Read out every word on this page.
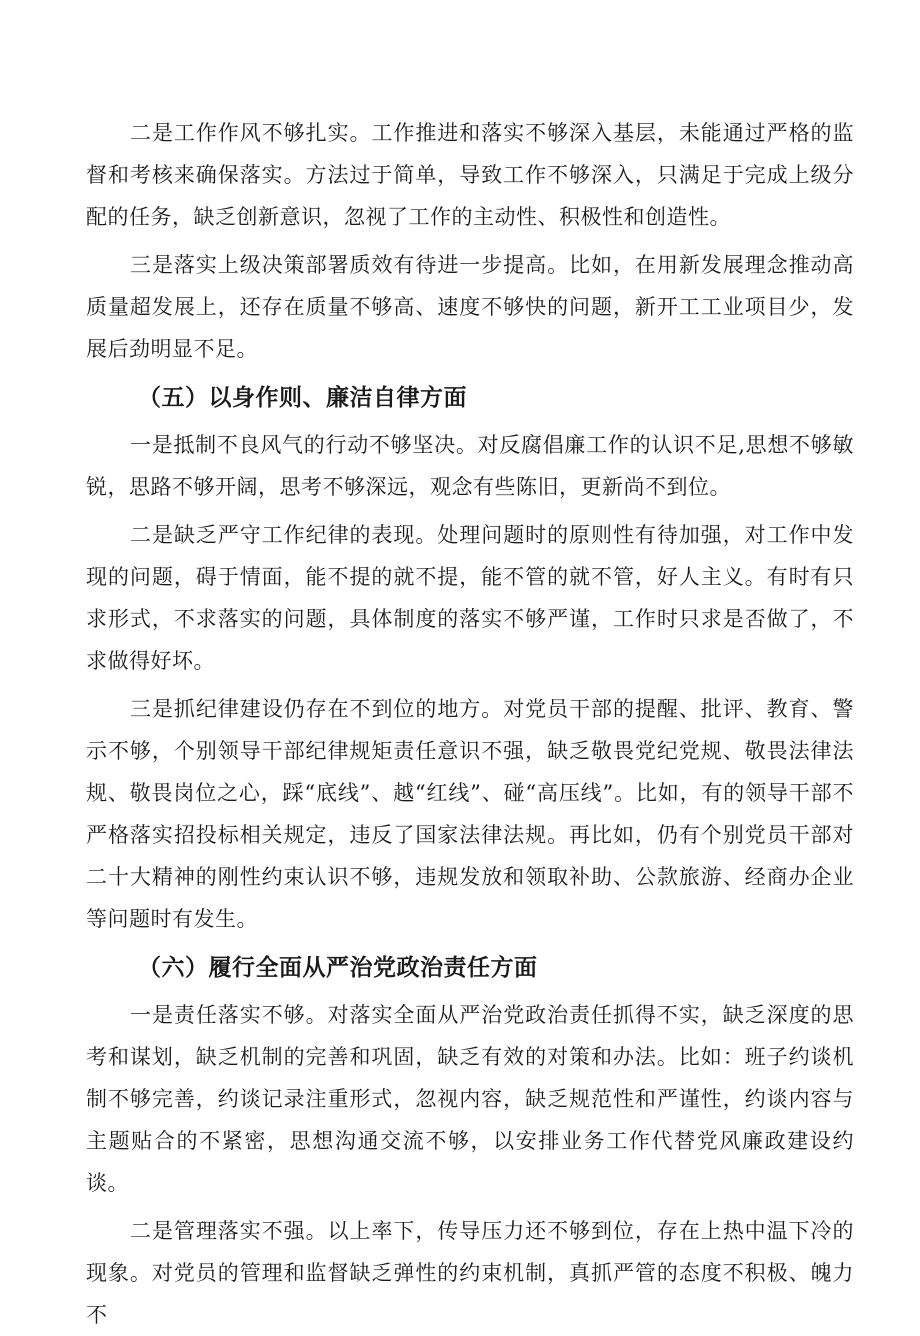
二是工作作风不够扎实。工作推进和落实不够深入基层，未能通过严格的监督和考核来确保落实。方法过于简单，导致工作不够深入，只满足于完成上级分配的任务，缺乏创新意识，忽视了工作的主动性、积极性和创造性。

三是落实上级决策部署质效有待进一步提高。比如，在用新发展理念推动高质量超发展上，还存在质量不够高、速度不够快的问题，新开工工业项目少，发展后劲明显不足。

（五）以身作则、廉洁自律方面

一是抵制不良风气的行动不够坚决。对反腐倡廉工作的认识不足,思想不够敏锐，思路不够开阔，思考不够深远，观念有些陈旧，更新尚不到位。

二是缺乏严守工作纪律的表现。处理问题时的原则性有待加强，对工作中发现的问题，碍于情面，能不提的就不提，能不管的就不管，好人主义。有时有只求形式，不求落实的问题，具体制度的落实不够严谨，工作时只求是否做了，不求做得好坏。

三是抓纪律建设仍存在不到位的地方。对党员干部的提醒、批评、教育、警示不够，个别领导干部纪律规矩责任意识不强，缺乏敬畏党纪党规、敬畏法律法规、敬畏岗位之心，踩“底线”、越“红线”、碰“高压线”。比如，有的领导干部不严格落实招投标相关规定，违反了国家法律法规。再比如，仍有个别党员干部对二十大精神的刚性约束认识不够，违规发放和领取补助、公款旅游、经商办企业等问题时有发生。

（六）履行全面从严治党政治责任方面

一是责任落实不够。对落实全面从严治党政治责任抓得不实，缺乏深度的思考和谋划，缺乏机制的完善和巩固，缺乏有效的对策和办法。比如：班子约谈机制不够完善，约谈记录注重形式，忽视内容，缺乏规范性和严谨性，约谈内容与主题贴合的不紧密，思想沟通交流不够，以安排业务工作代替党风廉政建设约谈。

二是管理落实不强。以上率下，传导压力还不够到位，存在上热中温下冷的现象。对党员的管理和监督缺乏弹性的约束机制，真抓严管的态度不积极、魄力不
